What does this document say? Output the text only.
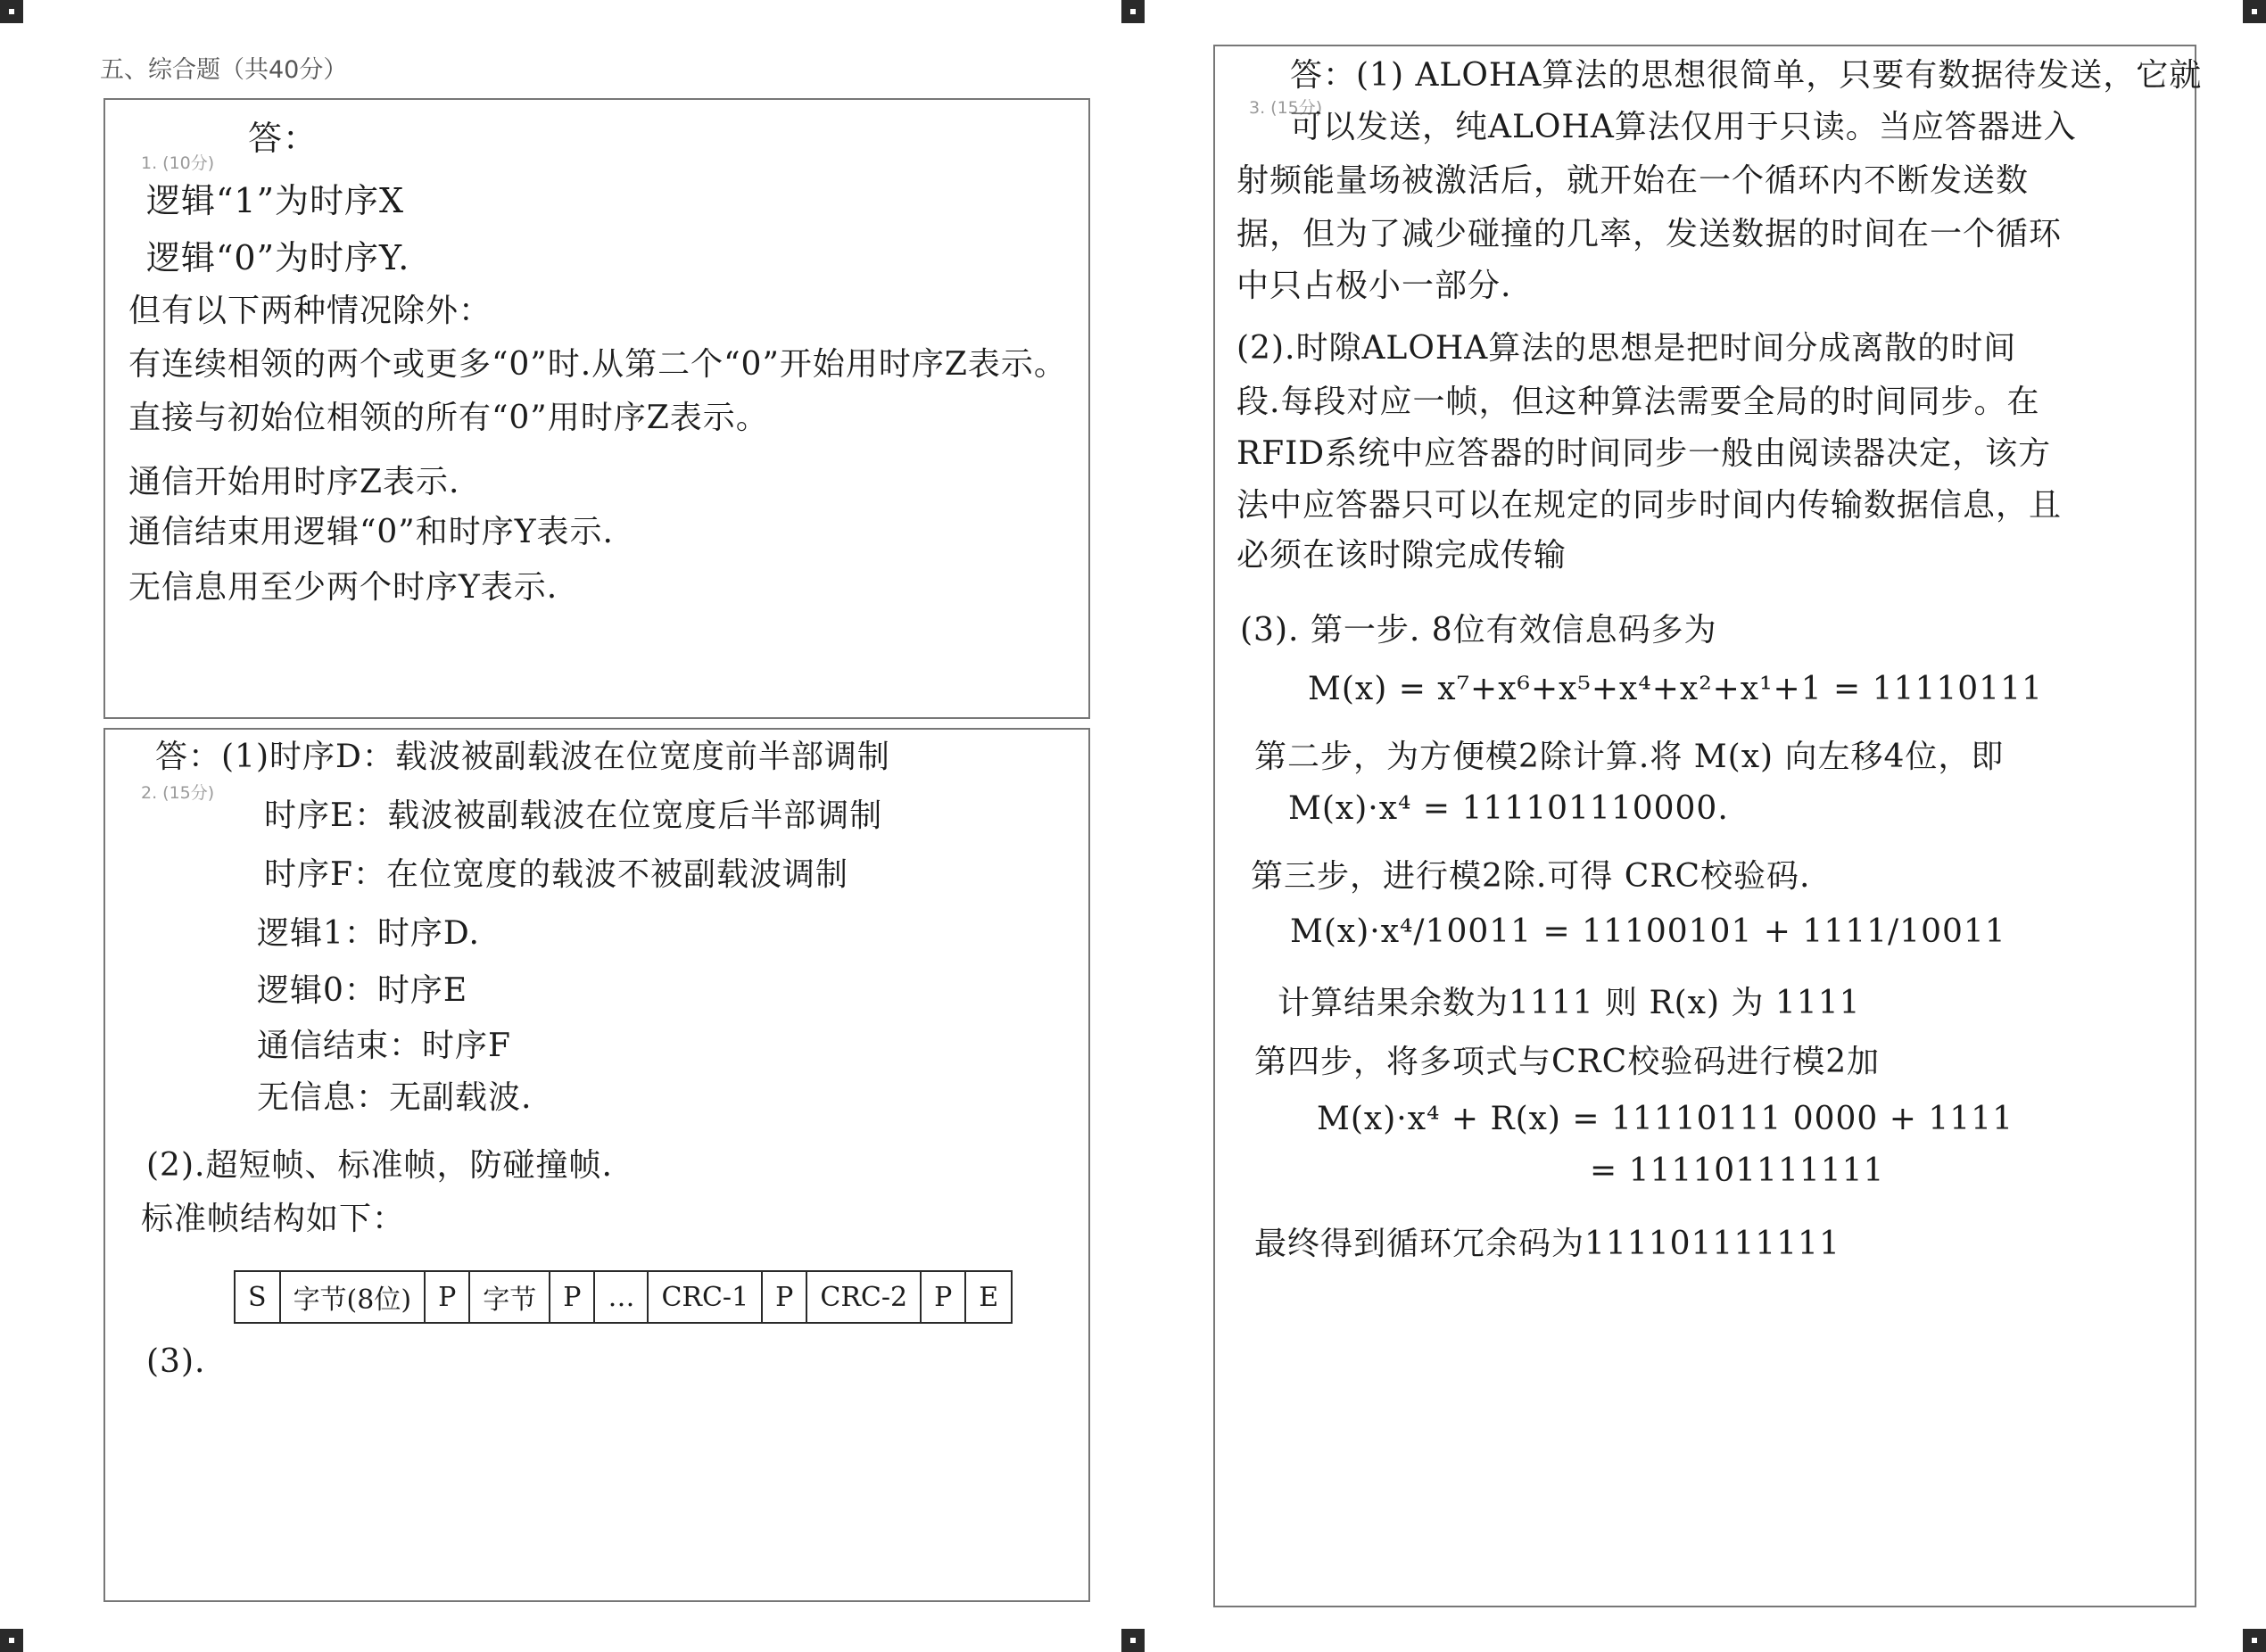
五、综合题（共40分）
1. (10分)
答：
逻辑“1”为时序X
逻辑“0”为时序Y.
但有以下两种情况除外：
有连续相领的两个或更多“0”时.从第二个“0”开始用时序Z表示。
直接与初始位相领的所有“0”用时序Z表示。
通信开始用时序Z表示.
通信结束用逻辑“0”和时序Y表示.
无信息用至少两个时序Y表示.
2. (15分)
答：(1)时序D：载波被副载波在位宽度前半部调制
时序E：载波被副载波在位宽度后半部调制
时序F：在位宽度的载波不被副载波调制
逻辑1：时序D.
逻辑0：时序E
通信结束：时序F
无信息：无副载波.
(2).超短帧、标准帧，防碰撞帧.
标准帧结构如下：
(3).
S	字节(8位)	P	字节	P	…	CRC-1	P	CRC-2	P	E
3. (15分)
答：(1) ALOHA算法的思想很简单，只要有数据待发送，它就
可以发送，纯ALOHA算法仅用于只读。当应答器进入
射频能量场被激活后，就开始在一个循环内不断发送数
据，但为了减少碰撞的几率，发送数据的时间在一个循环
中只占极小一部分.
(2).时隙ALOHA算法的思想是把时间分成离散的时间
段.每段对应一帧，但这种算法需要全局的时间同步。在
RFID系统中应答器的时间同步一般由阅读器决定，该方
法中应答器只可以在规定的同步时间内传输数据信息，且
必须在该时隙完成传输
(3). 第一步. 8位有效信息码多为
M(x) = x⁷+x⁶+x⁵+x⁴+x²+x¹+1 = 11110111
第二步，为方便模2除计算.将 M(x) 向左移4位，即
M(x)·x⁴ = 111101110000.
第三步，进行模2除.可得 CRC校验码.
M(x)·x⁴/10011 = 11100101 + 1111/10011
计算结果余数为1111 则 R(x) 为 1111
第四步，将多项式与CRC校验码进行模2加
M(x)·x⁴ + R(x) = 11110111 0000 + 1111
= 111101111111
最终得到循环冗余码为111101111111
